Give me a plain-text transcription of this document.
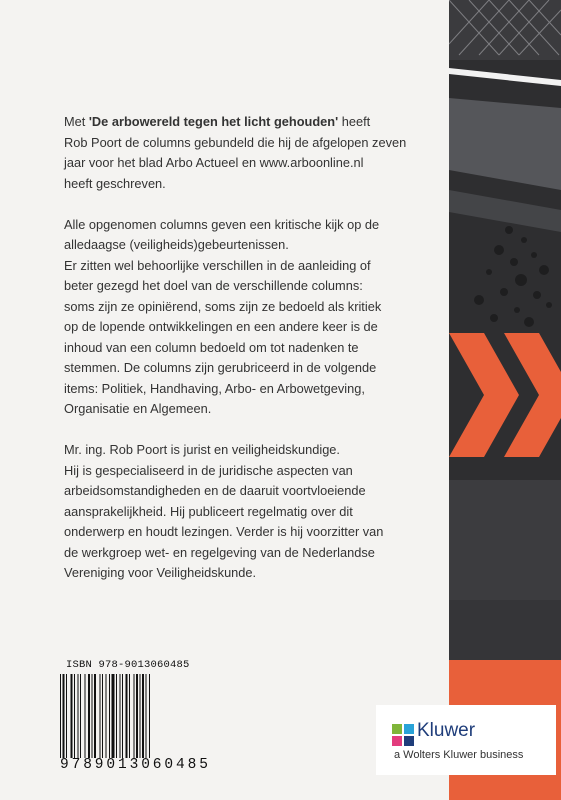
Met 'De arbowereld tegen het licht gehouden' heeft
Rob Poort de columns gebundeld die hij de afgelopen zeven
jaar voor het blad Arbo Actueel en www.arboonline.nl
heeft geschreven.

Alle opgenomen columns geven een kritische kijk op de
alledaagse (veiligheids)gebeurtenissen.
Er zitten wel behoorlijke verschillen in de aanleiding of
beter gezegd het doel van de verschillende columns:
soms zijn ze opiniërend, soms zijn ze bedoeld als kritiek
op de lopende ontwikkelingen en een andere keer is de
inhoud van een column bedoeld om tot nadenken te
stemmen. De columns zijn gerubriceerd in de volgende
items: Politiek, Handhaving, Arbo- en Arbowetgeving,
Organisatie en Algemeen.

Mr. ing. Rob Poort is jurist en veiligheidskundige.
Hij is gespecialiseerd in de juridische aspecten van
arbeidsomstandigheden en de daaruit voortvloeiende
aansprakelijkheid. Hij publiceert regelmatig over dit
onderwerp en houdt lezingen. Verder is hij voorzitter van
de werkgroep wet- en regelgeving van de Nederlandse
Vereniging voor Veiligheidskunde.

ISBN 978-9013060485
9789013060485
Kluwer
a Wolters Kluwer business
